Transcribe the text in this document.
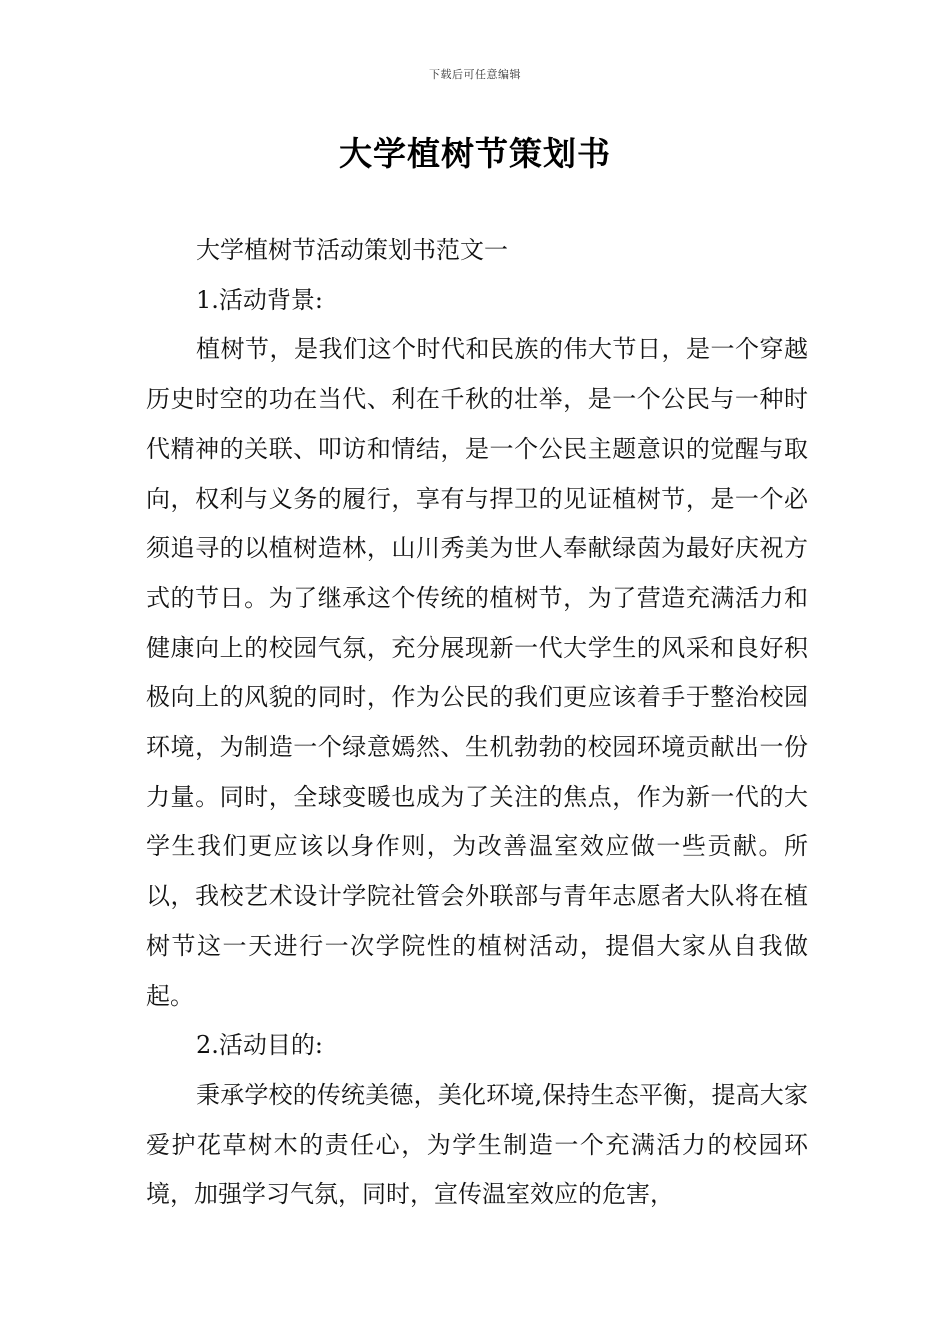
下载后可任意编辑
大学植树节策划书

大学植树节活动策划书范文一

1.活动背景:

植树节，是我们这个时代和民族的伟大节日，是一个穿越历史时空的功在当代、利在千秋的壮举，是一个公民与一种时代精神的关联、叩访和情结，是一个公民主题意识的觉醒与取向，权利与义务的履行，享有与捍卫的见证植树节，是一个必须追寻的以植树造林，山川秀美为世人奉献绿茵为最好庆祝方式的节日。为了继承这个传统的植树节，为了营造充满活力和健康向上的校园气氛，充分展现新一代大学生的风采和良好积极向上的风貌的同时，作为公民的我们更应该着手于整治校园环境，为制造一个绿意嫣然、生机勃勃的校园环境贡献出一份力量。同时，全球变暖也成为了关注的焦点，作为新一代的大学生我们更应该以身作则，为改善温室效应做一些贡献。所以，我校艺术设计学院社管会外联部与青年志愿者大队将在植树节这一天进行一次学院性的植树活动，提倡大家从自我做起。

2.活动目的:

秉承学校的传统美德，美化环境,保持生态平衡，提高大家爱护花草树木的责任心，为学生制造一个充满活力的校园环境，加强学习气氛，同时，宣传温室效应的危害，
